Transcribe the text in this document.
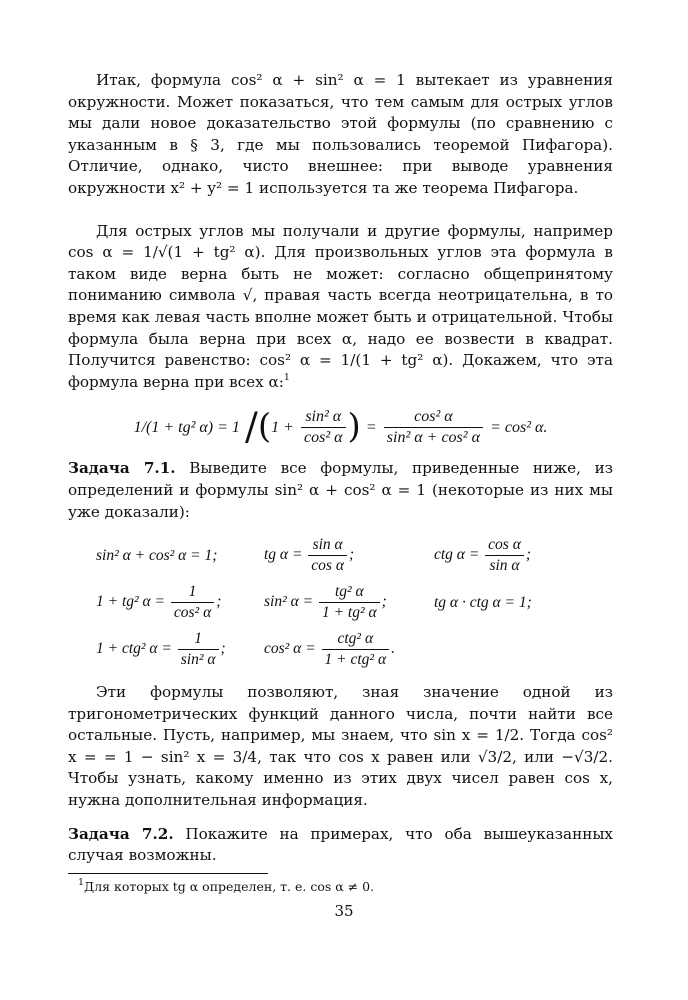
Итак, формула cos² α + sin² α = 1 вытекает из уравнения окружности. Может показаться, что тем самым для острых углов мы дали новое доказательство этой формулы (по сравнению с указанным в § 3, где мы пользовались теоремой Пифагора). Отличие, однако, чисто внешнее: при выводе уравнения окружности x² + y² = 1 используется та же теорема Пифагора.

Для острых углов мы получали и другие формулы, например cos α = 1/√(1 + tg² α). Для произвольных углов эта формула в таком виде верна быть не может: согласно общепринятому пониманию символа √, правая часть всегда неотрицательна, в то время как левая часть вполне может быть и отрицательной. Чтобы формула была верна при всех α, надо ее возвести в квадрат. Получится равенство: cos² α = 1/(1 + tg² α). Докажем, что эта формула верна при всех α:$^1$

1/(1 + tg² α) = 1 $/(1 + \frac{\text{sin² α}}{\text{cos² α}}$ ) = $\frac{\text{cos² α}}{\text{sin² α + cos² α}} = \cos^2$ α.

Задача 7.1. Выведите все формулы, приведенные ниже, из определений и формулы sin² α + cos² α = 1 (некоторые из них мы уже доказали):

sin² α + cos² α = 1;	tg $\alpha = \frac{\text{sin α}}{\text{cos α}}$ ;	ctg $\alpha = \frac{\text{cos α}}{\text{sin α}}$ ;
1 + tg² $\alpha = \frac{1}{\text{cos² α}}$ ;	sin² $\alpha = \frac{\text{tg² α}}{\text{1 + tg² α}}$ ;	tg α · ctg α = 1;
1 + ctg² $\alpha = \frac{1}{\text{sin² α}}$ ;	cos² $\alpha = \frac{\text{ctg² α}}{\text{1 + ctg² α}}$ .

Эти формулы позволяют, зная значение одной из тригонометрических функций данного числа, почти найти все остальные. Пусть, например, мы знаем, что sin x = 1/2. Тогда cos² x = = 1 − sin² x = 3/4, так что cos x равен или √3/2, или −√3/2. Чтобы узнать, какому именно из этих двух чисел равен cos x, нужна дополнительная информация.

Задача 7.2. Покажите на примерах, что оба вышеуказанных случая возможны.

$^1$Для которых tg α определен, т. е. cos α ≠ 0.
35
